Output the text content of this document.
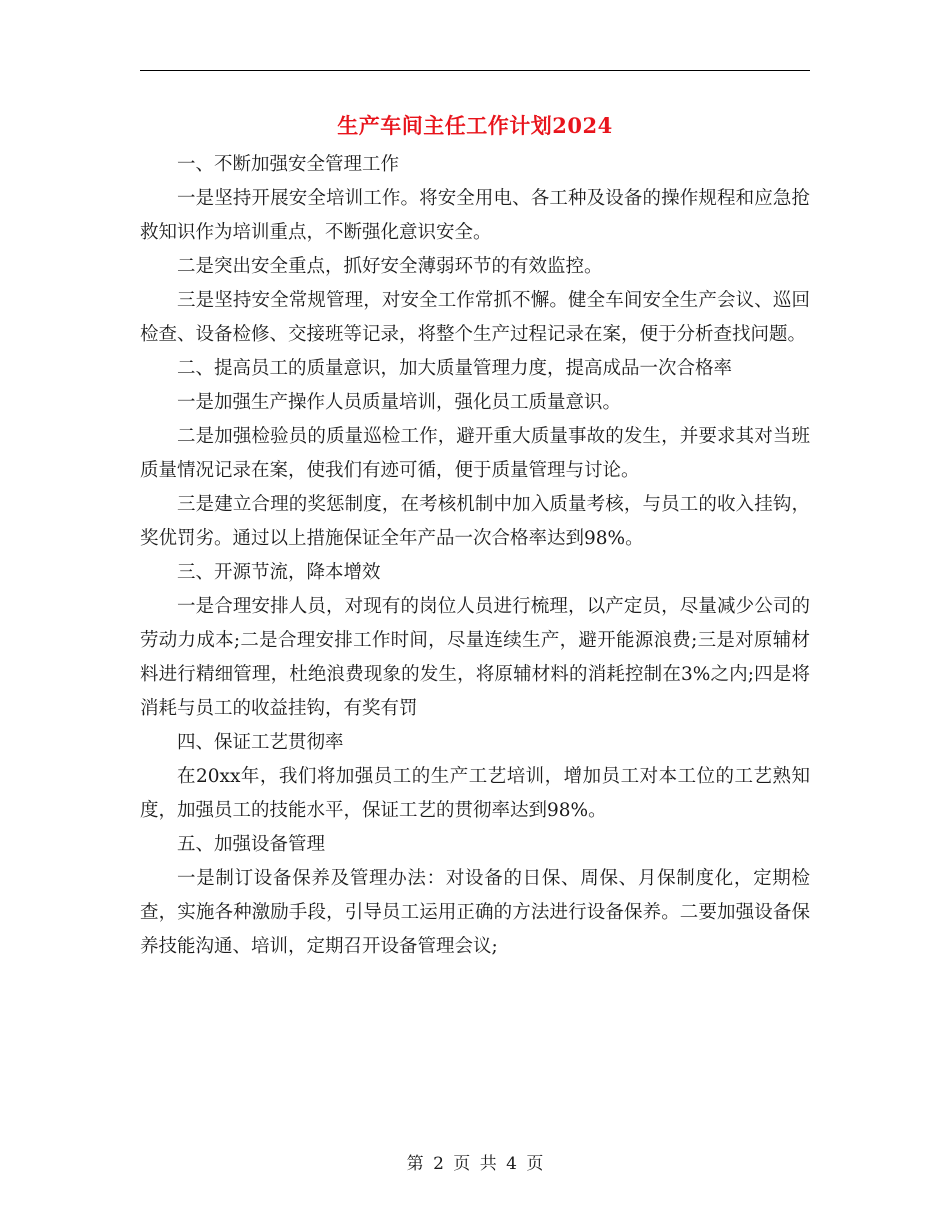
生产车间主任工作计划2024

一、不断加强安全管理工作

一是坚持开展安全培训工作。将安全用电、各工种及设备的操作规程和应急抢救知识作为培训重点，不断强化意识安全。

二是突出安全重点，抓好安全薄弱环节的有效监控。

三是坚持安全常规管理，对安全工作常抓不懈。健全车间安全生产会议、巡回检查、设备检修、交接班等记录，将整个生产过程记录在案，便于分析查找问题。

二、提高员工的质量意识，加大质量管理力度，提高成品一次合格率

一是加强生产操作人员质量培训，强化员工质量意识。

二是加强检验员的质量巡检工作，避开重大质量事故的发生，并要求其对当班质量情况记录在案，使我们有迹可循，便于质量管理与讨论。

三是建立合理的奖惩制度，在考核机制中加入质量考核，与员工的收入挂钩，奖优罚劣。通过以上措施保证全年产品一次合格率达到98%。

三、开源节流，降本增效

一是合理安排人员，对现有的岗位人员进行梳理，以产定员，尽量减少公司的劳动力成本;二是合理安排工作时间，尽量连续生产，避开能源浪费;三是对原辅材料进行精细管理，杜绝浪费现象的发生，将原辅材料的消耗控制在3%之内;四是将消耗与员工的收益挂钩，有奖有罚

四、保证工艺贯彻率

在20xx年，我们将加强员工的生产工艺培训，增加员工对本工位的工艺熟知度，加强员工的技能水平，保证工艺的贯彻率达到98%。

五、加强设备管理

一是制订设备保养及管理办法：对设备的日保、周保、月保制度化，定期检查，实施各种激励手段，引导员工运用正确的方法进行设备保养。二要加强设备保养技能沟通、培训，定期召开设备管理会议;

第 2 页 共 4 页
